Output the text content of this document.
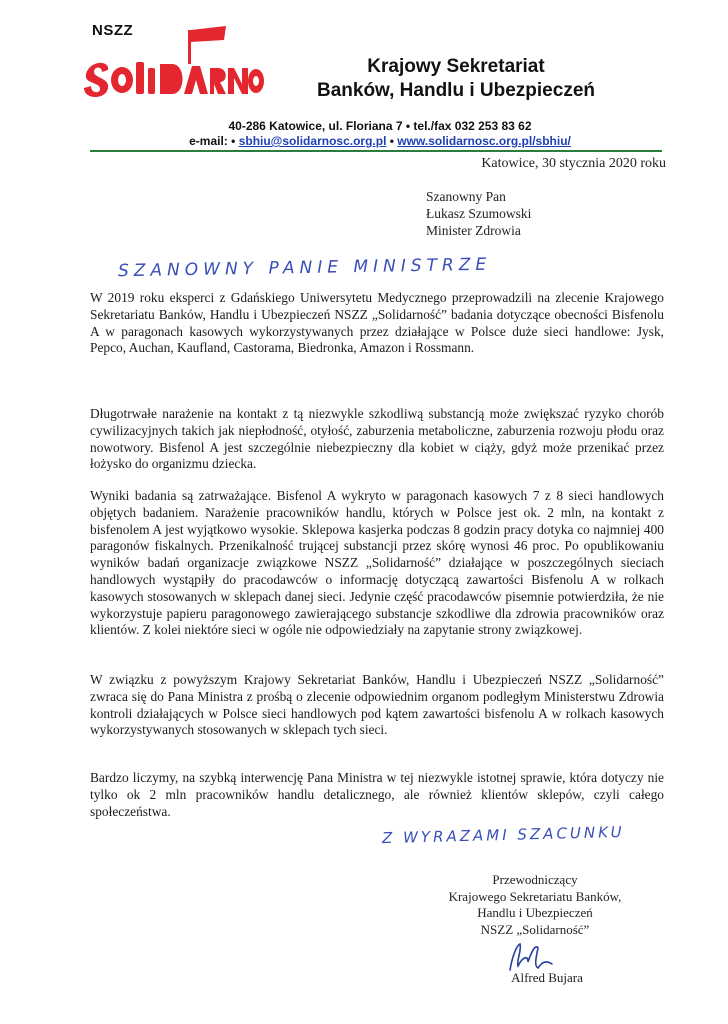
NSZZ
Krajowy Sekretariat
Banków, Handlu i Ubezpieczeń
40-286 Katowice, ul. Floriana 7 • tel./fax 032 253 83 62
e-mail: • sbhiu@solidarnosc.org.pl • www.solidarnosc.org.pl/sbhiu/
Katowice, 30 stycznia 2020 roku
Szanowny Pan
Łukasz Szumowski
Minister Zdrowia
SZANOWNY PANIE MINISTRZE
W 2019 roku eksperci z Gdańskiego Uniwersytetu Medycznego przeprowadzili na zlecenie Krajowego Sekretariatu Banków, Handlu i Ubezpieczeń NSZZ „Solidarność” badania dotyczące obecności Bisfenolu A w paragonach kasowych wykorzystywanych przez działające w Polsce duże sieci handlowe: Jysk, Pepco, Auchan, Kaufland, Castorama, Biedronka, Amazon i Rossmann.
Długotrwałe narażenie na kontakt z tą niezwykle szkodliwą substancją może zwiększać ryzyko chorób cywilizacyjnych takich jak niepłodność, otyłość, zaburzenia metaboliczne, zaburzenia rozwoju płodu oraz nowotwory. Bisfenol A jest szczególnie niebezpieczny dla kobiet w ciąży, gdyż może przenikać przez łożysko do organizmu dziecka.
Wyniki badania są zatrważające. Bisfenol A wykryto w paragonach kasowych 7 z 8 sieci handlowych objętych badaniem. Narażenie pracowników handlu, których w Polsce jest ok. 2 mln, na kontakt z bisfenolem A jest wyjątkowo wysokie. Sklepowa kasjerka podczas 8 godzin pracy dotyka co najmniej 400 paragonów fiskalnych. Przenikalność trującej substancji przez skórę wynosi 46 proc. Po opublikowaniu wyników badań organizacje związkowe NSZZ „Solidarność” działające w poszczególnych sieciach handlowych wystąpiły do pracodawców o informację dotyczącą zawartości Bisfenolu A w rolkach kasowych stosowanych w sklepach danej sieci. Jedynie część pracodawców pisemnie potwierdziła, że nie wykorzystuje papieru paragonowego zawierającego substancje szkodliwe dla zdrowia pracowników oraz klientów. Z kolei niektóre sieci w ogóle nie odpowiedziały na zapytanie strony związkowej.
W związku z powyższym Krajowy Sekretariat Banków, Handlu i Ubezpieczeń NSZZ „Solidarność” zwraca się do Pana Ministra z prośbą o zlecenie odpowiednim organom podległym Ministerstwu Zdrowia kontroli działających w Polsce sieci handlowych pod kątem zawartości bisfenolu A w rolkach kasowych wykorzystywanych stosowanych w sklepach tych sieci.
Bardzo liczymy, na szybką interwencję Pana Ministra w tej niezwykle istotnej sprawie, która dotyczy nie tylko ok 2 mln pracowników handlu detalicznego, ale również klientów sklepów, czyli całego społeczeństwa.
Z WYRAZAMI SZACUNKU
Przewodniczący
Krajowego Sekretariatu Banków,
Handlu i Ubezpieczeń
NSZZ „Solidarność”
Alfred Bujara
